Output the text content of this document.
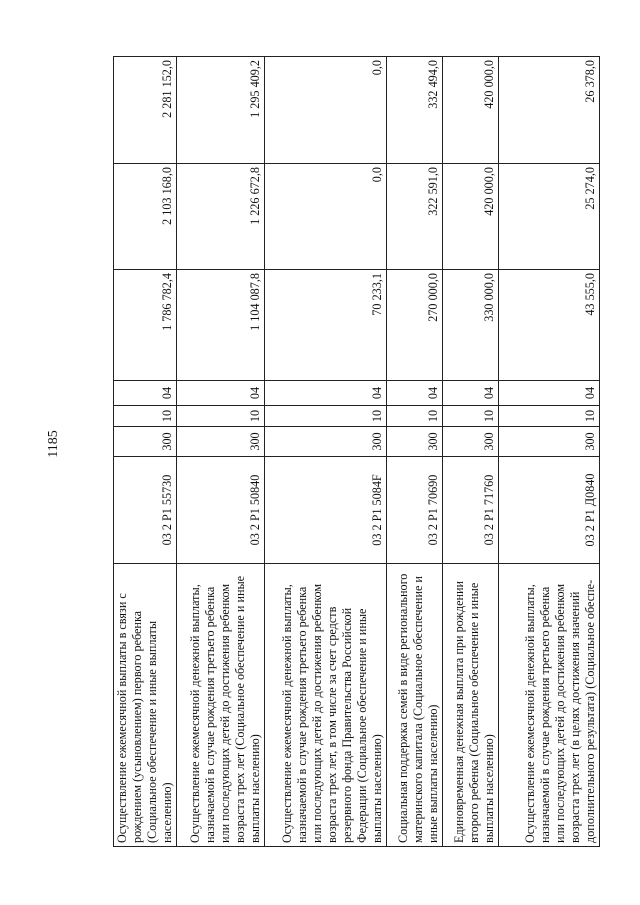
1185
Осуществление ежемесячной выплаты в связи с рождением (усыновлением) первого ребенка (Социальное обеспечение и иные выплаты населению)	03 2 P1 55730	300	10	04	1 786 782,4	2 103 168,0	2 281 152,0
Осуществление ежемесячной денежной выплаты, назначаемой в случае рождения третьего ребенка или последующих детей до достижения ребенком возраста трех лет (Социальное обеспечение и иные выплаты населению)	03 2 P1 50840	300	10	04	1 104 087,8	1 226 672,8	1 295 409,2
Осуществление ежемесячной денежной выплаты, назначаемой в случае рождения третьего ребенка или последующих детей до достижения ребенком возраста трех лет, в том числе за счет средств резервного фонда Правительства Российской Федерации (Социальное обеспечение и иные выплаты населению)	03 2 P1 5084F	300	10	04	70 233,1	0,0	0,0
Социальная поддержка семей в виде регионального материнского капитала (Социальное обеспечение и иные выплаты населению)	03 2 P1 70690	300	10	04	270 000,0	322 591,0	332 494,0
Единовременная денежная выплата при рождении второго ребенка (Социальное обеспечение и иные выплаты населению)	03 2 P1 71760	300	10	04	330 000,0	420 000,0	420 000,0
Осуществление ежемесячной денежной выплаты, назначаемой в случае рождения третьего ребенка или последующих детей до достижения ребенком возраста трех лет (в целях достижения значений дополнительного результата) (Социальное обеспе-	03 2 P1 Д0840	300	10	04	43 555,0	25 274,0	26 378,0
